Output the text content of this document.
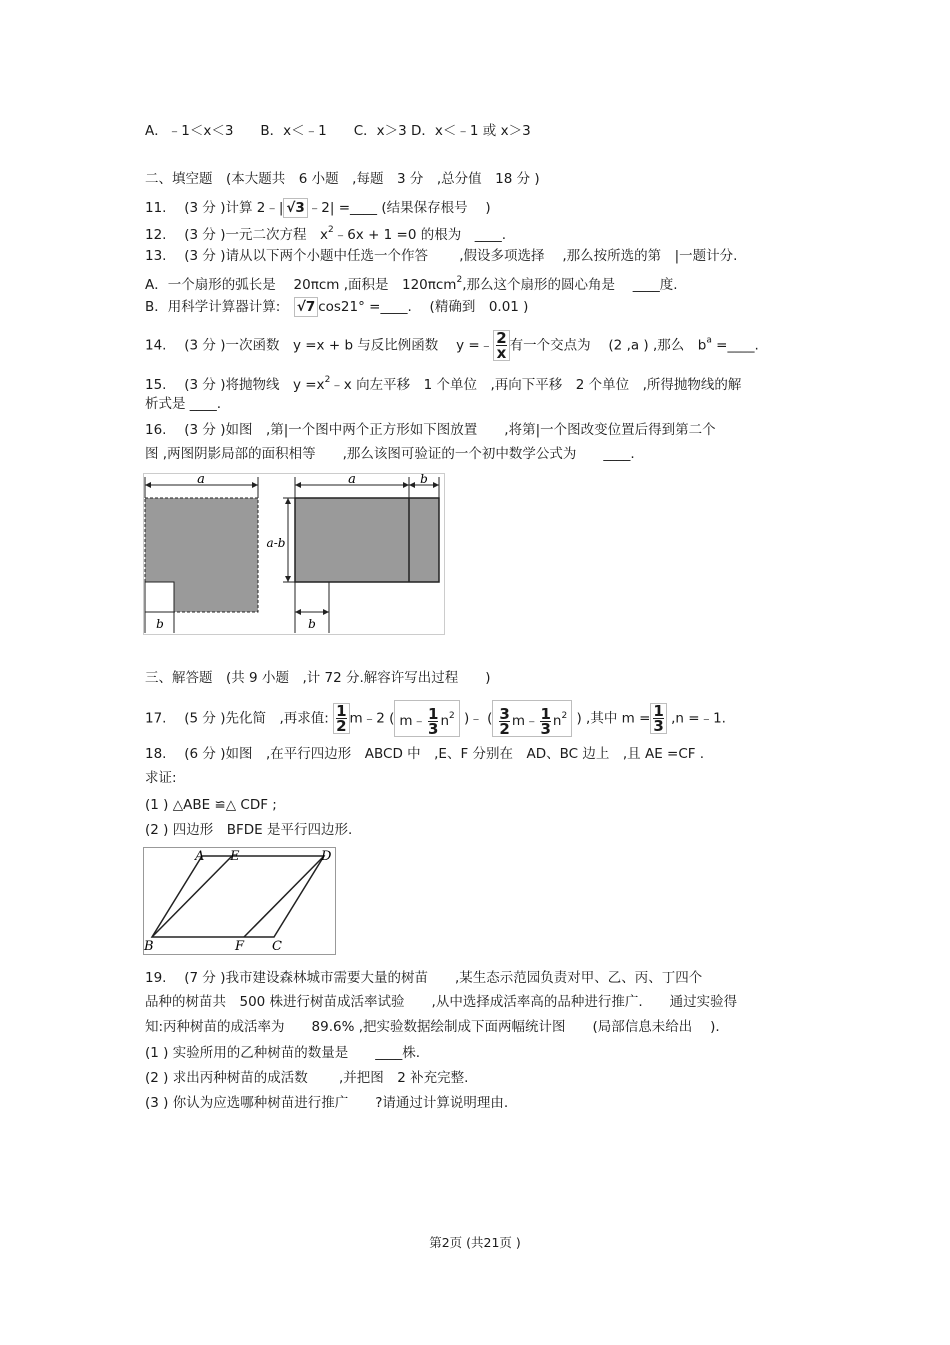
A．﹣1＜x＜3　　B．x＜﹣1　　C．x＞3 D．x＜﹣1 或 x＞3
二、填空题　(本大题共　6 小题　,每题　3 分　,总分值　18 分 )
11.　 (3 分 )计算 2﹣| √3 ﹣2| =____ (结果保存根号　 )
12.　 (3 分 )一元二次方程　$x^2﹣6x + 1 =0$ 的根为　____.
13.　 (3 分 )请从以下两个小题中任选一个作答　　 ,假设多项选择　 ,那么按所选的第　|一题计分.
A．一个扇形的弧长是　 20πcm ,面积是　120πcm$^2$,那么这个扇形的圆心角是　 ____度.
B．用科学计算器计算:　√7 cos21° =____.　 (精确到　0.01 )
14.　 (3 分 )一次函数　y =x + b 与反比例函数　 y =﹣ $\frac{2}{x}$ 有一个交点为　 (2 ,a ) ,那么　$b^a$ =____.
15.　 (3 分 )将抛物线　$y =x^2﹣x$ 向左平移　1 个单位　,再向下平移　2 个单位　,所得抛物线的解
析式是 ____.
16.　 (3 分 )如图　,第|一个图中两个正方形如下图放置　　,将第|一个图改变位置后得到第二个
图 ,两图阴影局部的面积相等　　,那么该图可验证的一个初中数学公式为　　____.
a
b
a	b
a-b
b
三、解答题　(共 9 小题　,计 72 分.解容许写出过程　　)
17.　 (5 分 )先化简　,再求值: $\frac{1}{2}$ m﹣2 ( m﹣ $\frac{1}{3} n^2$ )﹣ ( $\frac{3}{2}$ m﹣ $\frac{1}{3} n^2$ ) ,其中 $m = \frac{1}{3} ,n$ =﹣1.
18.　 (6 分 )如图　,在平行四边形　ABCD 中　,E、F 分别在　AD、BC 边上　,且 AE =CF .
求证:
(1 ) △ABE ≌△ CDF ;
(2 ) 四边形　BFDE 是平行四边形.
A E	D
B	F C
19.　 (7 分 )我市建设森林城市需要大量的树苗　　,某生态示范园负责对甲、乙、丙、丁四个
品种的树苗共　500 株进行树苗成活率试验　　,从中选择成活率高的品种进行推广.　　通过实验得
知:丙种树苗的成活率为　　89.6% ,把实验数据绘制成下面两幅统计图　　(局部信息未给出　 ).
(1 ) 实验所用的乙种树苗的数量是　　____株.
(2 ) 求出丙种树苗的成活数　　 ,并把图　2 补充完整.
(3 ) 你认为应选哪种树苗进行推广　　?请通过计算说明理由.
第2页 (共21页 )
